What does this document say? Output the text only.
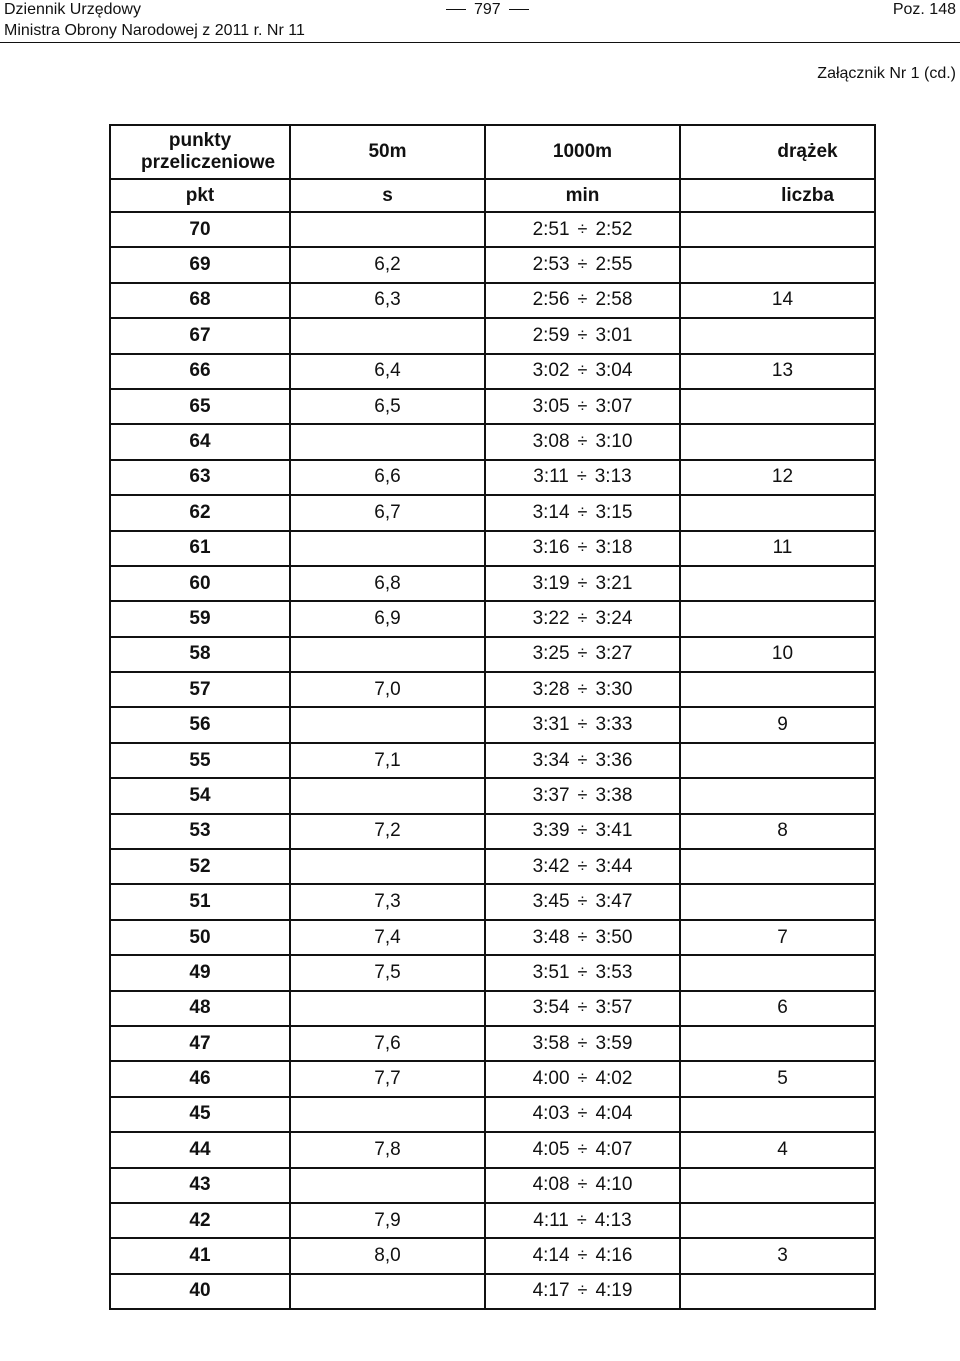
Dziennik Urzędowy	797	Poz. 148
Ministra Obrony Narodowej z 2011 r. Nr 11
Załącznik Nr 1 (cd.)
punkty przeliczeniowe	50m	1000m	drążek
pkt	s	min	liczba
70		2:51 ÷ 2:52	
69	6,2	2:53 ÷ 2:55	
68	6,3	2:56 ÷ 2:58	14
67		2:59 ÷ 3:01	
66	6,4	3:02 ÷ 3:04	13
65	6,5	3:05 ÷ 3:07	
64		3:08 ÷ 3:10	
63	6,6	3:11 ÷ 3:13	12
62	6,7	3:14 ÷ 3:15	
61		3:16 ÷ 3:18	11
60	6,8	3:19 ÷ 3:21	
59	6,9	3:22 ÷ 3:24	
58		3:25 ÷ 3:27	10
57	7,0	3:28 ÷ 3:30	
56		3:31 ÷ 3:33	9
55	7,1	3:34 ÷ 3:36	
54		3:37 ÷ 3:38	
53	7,2	3:39 ÷ 3:41	8
52		3:42 ÷ 3:44	
51	7,3	3:45 ÷ 3:47	
50	7,4	3:48 ÷ 3:50	7
49	7,5	3:51 ÷ 3:53	
48		3:54 ÷ 3:57	6
47	7,6	3:58 ÷ 3:59	
46	7,7	4:00 ÷ 4:02	5
45		4:03 ÷ 4:04	
44	7,8	4:05 ÷ 4:07	4
43		4:08 ÷ 4:10	
42	7,9	4:11 ÷ 4:13	
41	8,0	4:14 ÷ 4:16	3
40		4:17 ÷ 4:19	
